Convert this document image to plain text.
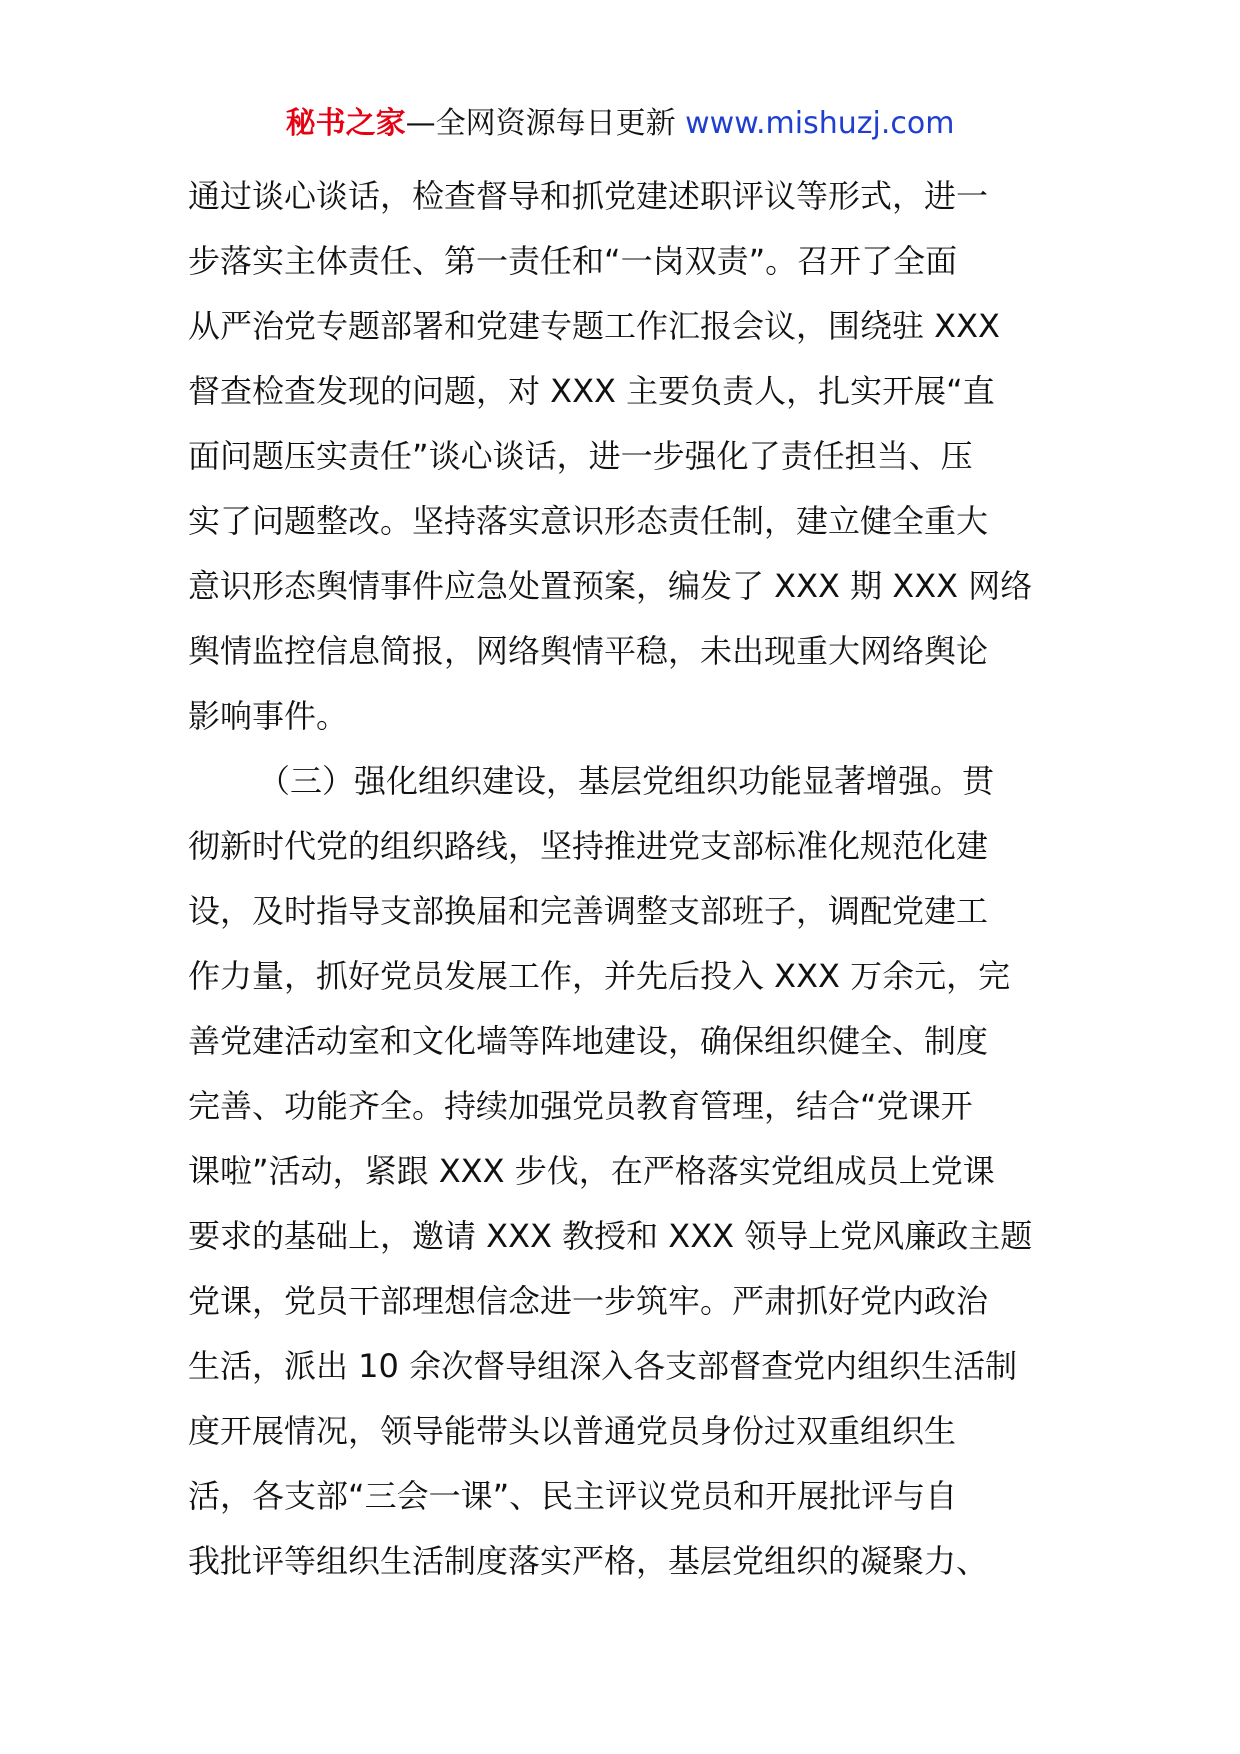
秘书之家—全网资源每日更新 www.mishuzj.com
通过谈心谈话，检查督导和抓党建述职评议等形式，进一
步落实主体责任、第一责任和“一岗双责”。召开了全面
从严治党专题部署和党建专题工作汇报会议，围绕驻 XXX
督查检查发现的问题，对 XXX 主要负责人，扎实开展“直
面问题压实责任”谈心谈话，进一步强化了责任担当、压
实了问题整改。坚持落实意识形态责任制，建立健全重大
意识形态舆情事件应急处置预案，编发了 XXX 期 XXX 网络
舆情监控信息简报，网络舆情平稳，未出现重大网络舆论
影响事件。
（三）强化组织建设，基层党组织功能显著增强。贯
彻新时代党的组织路线，坚持推进党支部标准化规范化建
设，及时指导支部换届和完善调整支部班子，调配党建工
作力量，抓好党员发展工作，并先后投入 XXX 万余元，完
善党建活动室和文化墙等阵地建设，确保组织健全、制度
完善、功能齐全。持续加强党员教育管理，结合“党课开
课啦”活动，紧跟 XXX 步伐，在严格落实党组成员上党课
要求的基础上，邀请 XXX 教授和 XXX 领导上党风廉政主题
党课，党员干部理想信念进一步筑牢。严肃抓好党内政治
生活，派出 10 余次督导组深入各支部督查党内组织生活制
度开展情况，领导能带头以普通党员身份过双重组织生
活，各支部“三会一课”、民主评议党员和开展批评与自
我批评等组织生活制度落实严格，基层党组织的凝聚力、
